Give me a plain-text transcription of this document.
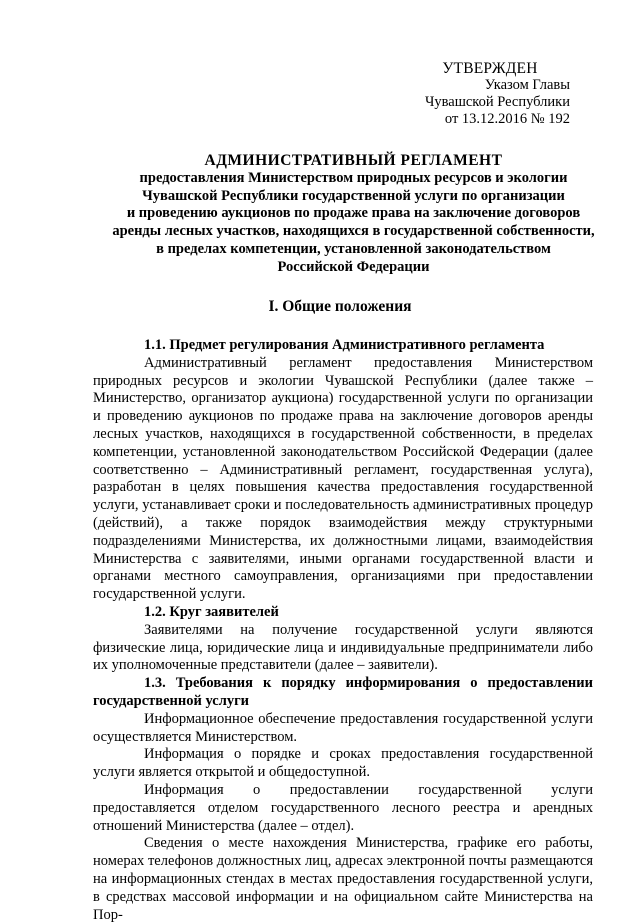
УТВЕРЖДЕН
Указом Главы
Чувашской Республики
от 13.12.2016 № 192
АДМИНИСТРАТИВНЫЙ РЕГЛАМЕНТ
предоставления Министерством природных ресурсов и экологии
Чувашской Республики государственной услуги по организации
и проведению аукционов по продаже права на заключение договоров
аренды лесных участков, находящихся в государственной собственности,
в пределах компетенции, установленной законодательством
Российской Федерации
I. Общие положения

1.1. Предмет регулирования Административного регламента

Административный регламент предоставления Министерством природных ресурсов и экологии Чувашской Республики (далее также – Министерство, организатор аукциона) государственной услуги по организации и проведению аукционов по продаже права на заключение договоров аренды лесных участков, находящихся в государственной собственности, в пределах компетенции, установленной законодательством Российской Федерации (далее соответственно – Административный регламент, государственная услуга), разработан в целях повышения качества предоставления государственной услуги, устанавливает сроки и последовательность административных процедур (действий), а также порядок взаимодействия между структурными подразделениями Министерства, их должностными лицами, взаимодействия Министерства с заявителями, иными органами государственной власти и органами местного самоуправления, организациями при предоставлении государственной услуги.

1.2. Круг заявителей

Заявителями на получение государственной услуги являются физические лица, юридические лица и индивидуальные предприниматели либо их уполномоченные представители (далее – заявители).

1.3. Требования к порядку информирования о предоставлении государственной услуги

Информационное обеспечение предоставления государственной услуги осуществляется Министерством.

Информация о порядке и сроках предоставления государственной услуги является открытой и общедоступной.

Информация о предоставлении государственной услуги предоставляется отделом государственного лесного реестра и арендных отношений Министерства (далее – отдел).

Сведения о месте нахождения Министерства, графике его работы, номерах телефонов должностных лиц, адресах электронной почты размещаются на информационных стендах в местах предоставления государственной услуги, в средствах массовой информации и на официальном сайте Министерства на Пор-
